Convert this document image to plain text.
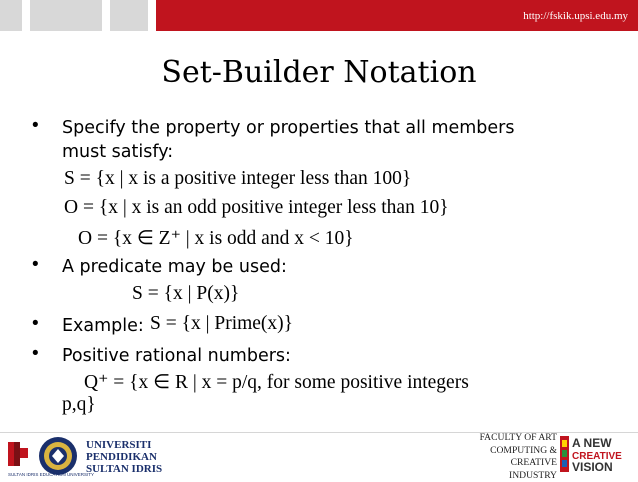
http://fskik.upsi.edu.my
Set-Builder Notation
• Specify the property or properties that all members
must satisfy:
S = {x | x is a positive integer less than 100}
O = {x | x is an odd positive integer less than 10}
O = {x ∈ Z⁺ | x is odd and x < 10}
• A predicate may be used:
S = {x | P(x)}
• Example: S = {x | Prime(x)}
• Positive rational numbers:
Q⁺ = {x ∈ R | x = p/q, for some positive integers
p,q}
UNIVERSITI
PENDIDIKAN
SULTAN IDRIS
SULTAN IDRIS EDUCATION UNIVERSITY
FACULTY OF ART
COMPUTING &
CREATIVE INDUSTRY
A NEW
CREATIVE
VISION
